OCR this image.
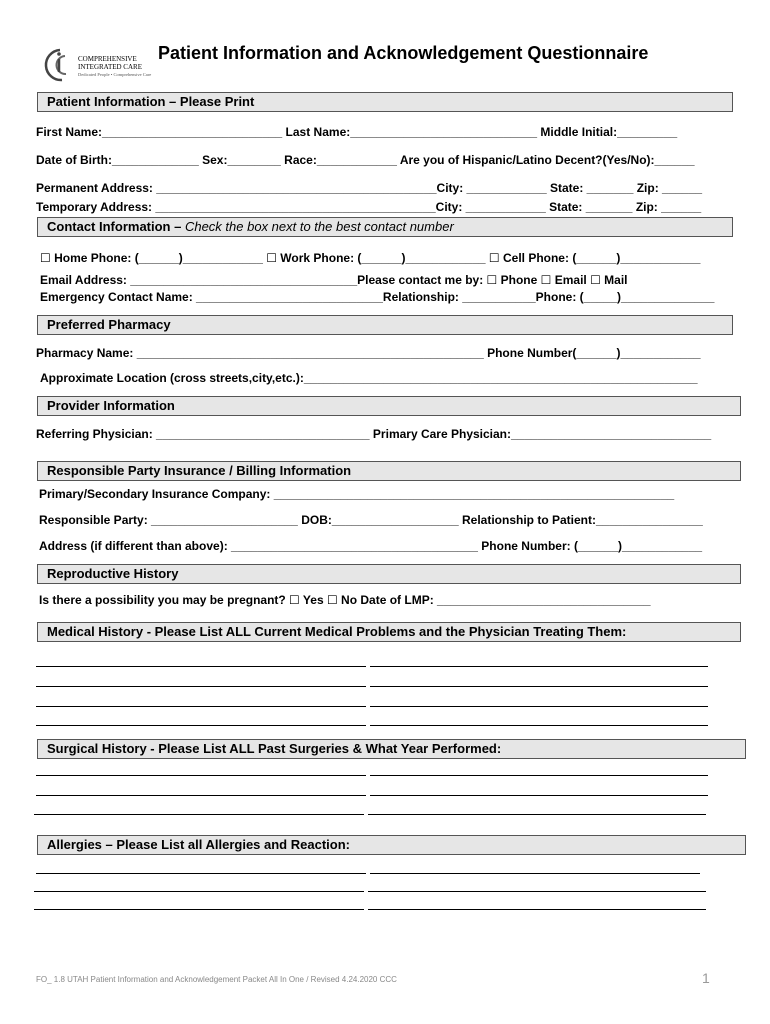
COMPREHENSIVE
INTEGRATED CARE
Dedicated People • Comprehensive Care
Patient Information and Acknowledgement Questionnaire
Patient Information – Please Print
First Name:___________________________ Last Name:____________________________ Middle Initial:_________
Date of Birth:_____________ Sex:________ Race:____________ Are you of Hispanic/Latino Decent?(Yes/No):______
Permanent Address: __________________________________________City: ____________ State: _______ Zip: ______
Temporary Address: __________________________________________City: ____________ State: _______ Zip: ______
Contact Information – Check the box next to the best contact number
☐ Home Phone: (______)____________ ☐ Work Phone: (______)____________ ☐ Cell Phone: (______)____________
Email Address: __________________________________Please contact me by: ☐ Phone ☐ Email ☐ Mail
Emergency Contact Name: ____________________________Relationship: ___________Phone: (_____)______________
Preferred Pharmacy
Pharmacy Name: ____________________________________________________ Phone Number(______)____________
Approximate Location (cross streets,city,etc.):___________________________________________________________
Provider Information
Referring Physician: ________________________________ Primary Care Physician:______________________________
Responsible Party Insurance / Billing Information
Primary/Secondary Insurance Company: ____________________________________________________________
Responsible Party: ______________________ DOB:___________________ Relationship to Patient:________________
Address (if different than above): _____________________________________ Phone Number: (______)____________
Reproductive History
Is there a possibility you may be pregnant? ☐ Yes ☐ No Date of LMP: ________________________________
Medical History - Please List ALL Current Medical Problems and the Physician Treating Them:
Surgical History - Please List ALL Past Surgeries & What Year Performed:
Allergies – Please List all Allergies and Reaction:
FO_ 1.8 UTAH Patient Information and Acknowledgement Packet All In One / Revised 4.24.2020 CCC	1
